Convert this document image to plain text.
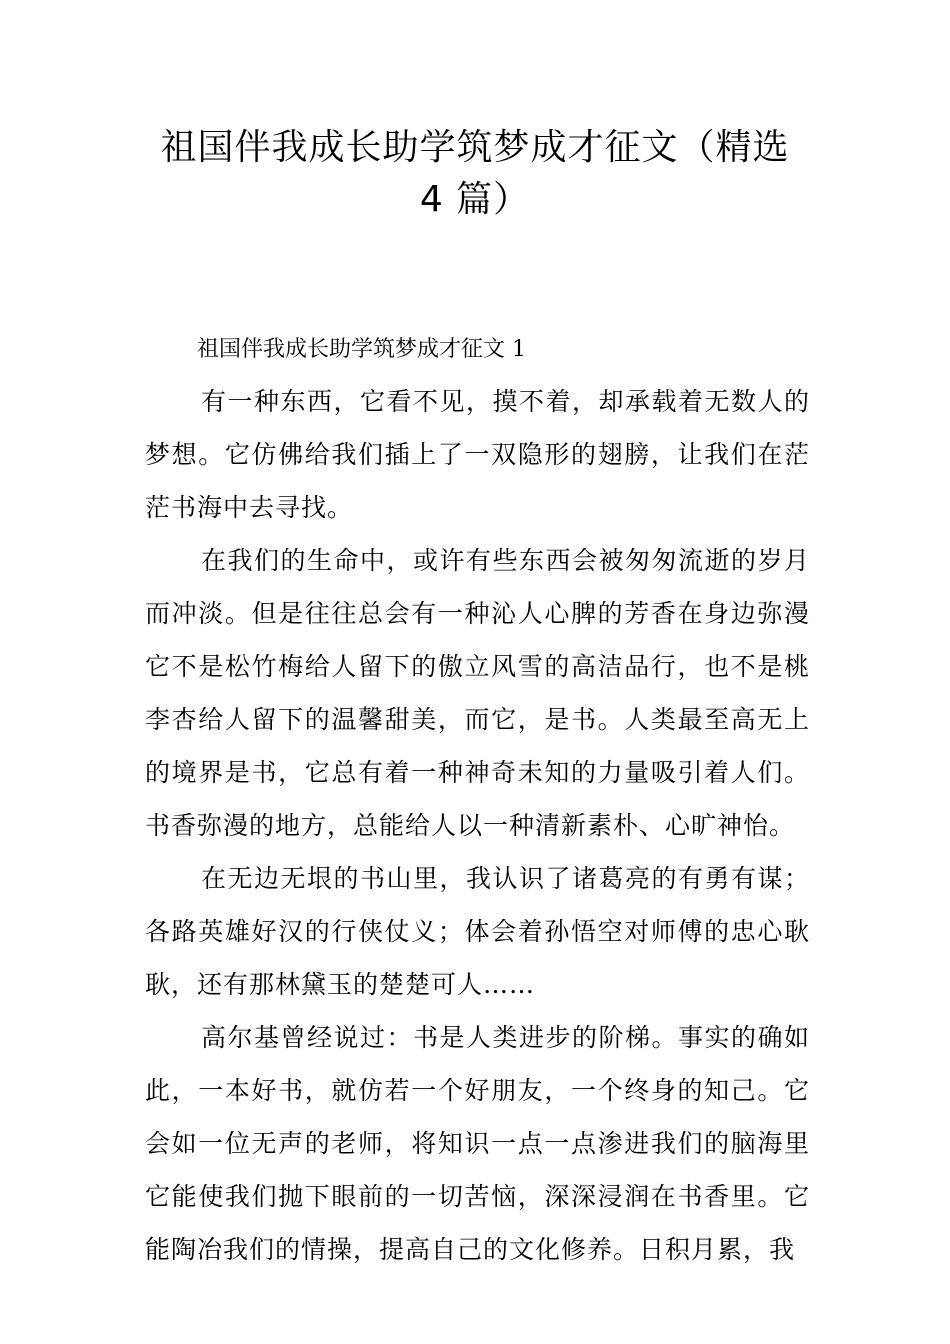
祖国伴我成长助学筑梦成才征文（精选
4 篇）

祖国伴我成长助学筑梦成才征文 1

有一种东西，它看不见，摸不着，却承载着无数人的梦想。它仿佛给我们插上了一双隐形的翅膀，让我们在茫茫书海中去寻找。

在我们的生命中，或许有些东西会被匆匆流逝的岁月而冲淡。但是往往总会有一种沁人心脾的芳香在身边弥漫它不是松竹梅给人留下的傲立风雪的高洁品行，也不是桃李杏给人留下的温馨甜美，而它，是书。人类最至高无上的境界是书，它总有着一种神奇未知的力量吸引着人们。书香弥漫的地方，总能给人以一种清新素朴、心旷神怡。

在无边无垠的书山里，我认识了诸葛亮的有勇有谋；各路英雄好汉的行侠仗义；体会着孙悟空对师傅的忠心耿耿，还有那林黛玉的楚楚可人……

高尔基曾经说过：书是人类进步的阶梯。事实的确如此，一本好书，就仿若一个好朋友，一个终身的知己。它会如一位无声的老师，将知识一点一点渗进我们的脑海里它能使我们抛下眼前的一切苦恼，深深浸润在书香里。它能陶冶我们的情操，提高自己的文化修养。日积月累，我
